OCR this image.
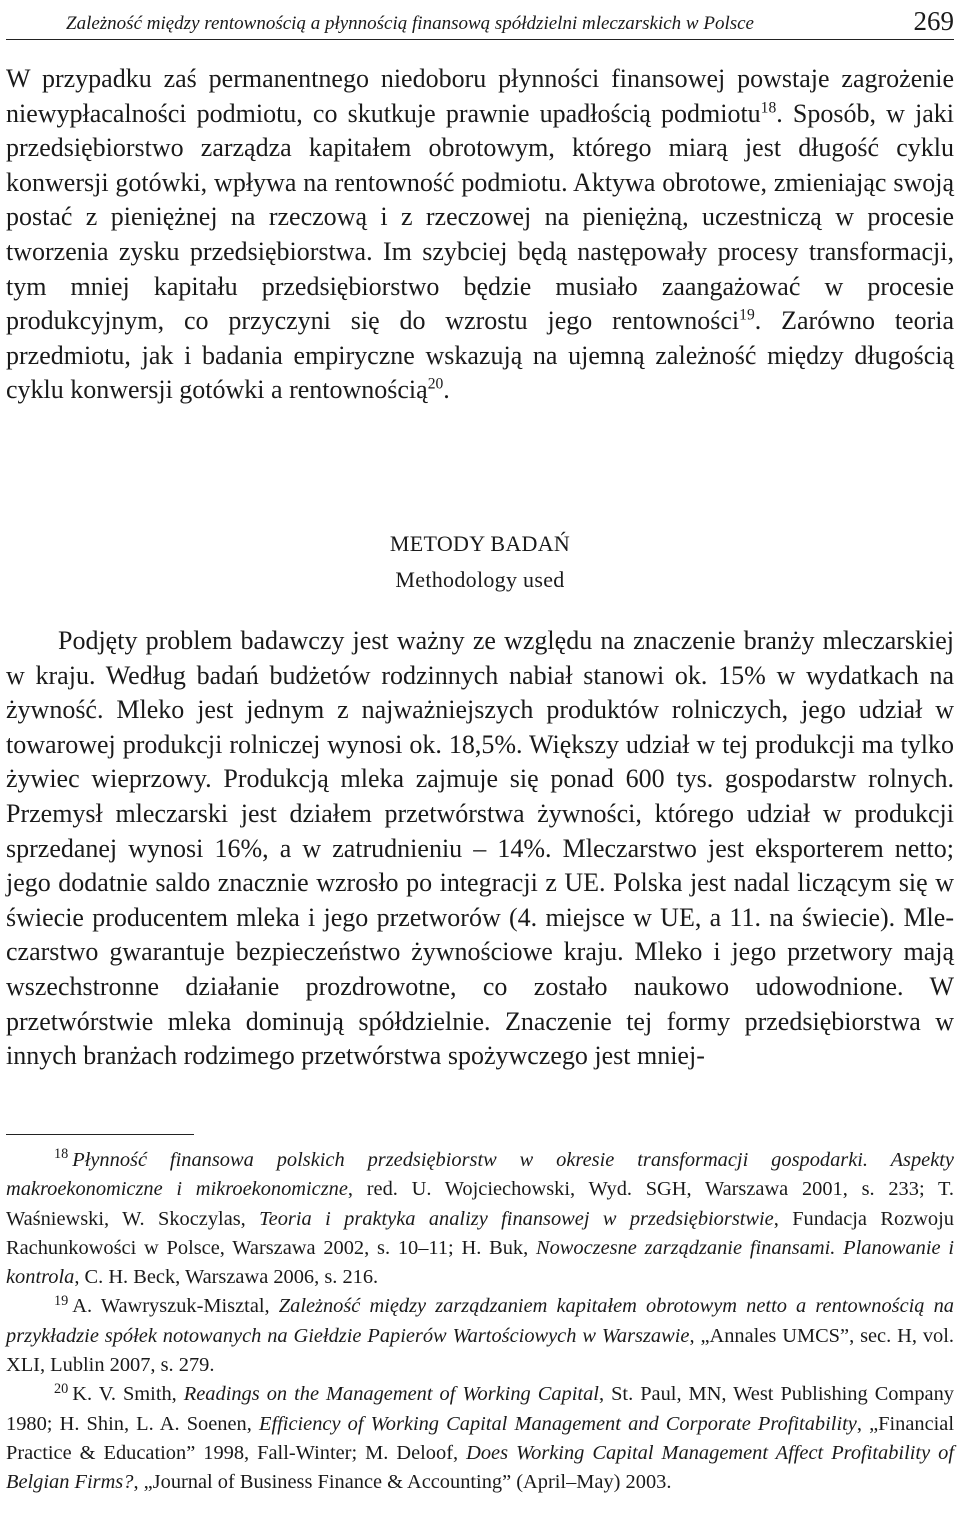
Zależność między rentownością a płynnością finansową spółdzielni mleczarskich w Polsce	269

W przypadku zaś permanentnego niedoboru płynności finansowej powstaje zagrożenie niewypłacalności podmiotu, co skutkuje prawnie upadłością podmiotu$^{18}$. Sposób, w jaki przedsiębiorstwo zarządza kapitałem obrotowym, którego miarą jest długość cyklu konwersji gotówki, wpływa na rentowność podmiotu. Aktywa obrotowe, zmieniając swoją postać z pieniężnej na rzeczową i z rzeczowej na pieniężną, uczestniczą w procesie tworzenia zysku przedsiębiorstwa. Im szybciej będą następowały procesy transformacji, tym mniej kapitału przedsiębiorstwo będzie musiało zaangażować w procesie produkcyjnym, co przyczyni się do wzrostu jego rentowności$^{19}$. Zarówno teoria przedmiotu, jak i badania empiryczne wskazują na ujemną zależność między długością cyklu konwersji gotówki a rentownością$^{20}$.

METODY BADAŃ
Methodology used

Podjęty problem badawczy jest ważny ze względu na znaczenie branży mleczarskiej w kraju. Według badań budżetów rodzinnych nabiał stanowi ok. 15% w wydatkach na żywność. Mleko jest jednym z najważniejszych produktów rolniczych, jego udział w towarowej produkcji rolniczej wynosi ok. 18,5%. Większy udział w tej produkcji ma tylko żywiec wieprzowy. Produkcją mleka zajmuje się ponad 600 tys. gospodarstw rolnych. Przemysł mleczarski jest działem przetwórstwa żywności, którego udział w produkcji sprzedanej wynosi 16%, a w zatrudnieniu – 14%. Mleczarstwo jest eksporterem netto; jego dodatnie saldo znacznie wzrosło po integracji z UE. Polska jest nadal liczącym się w świecie producentem mleka i jego przetworów (4. miejsce w UE, a 11. na świecie). Mleczarstwo gwarantuje bezpieczeństwo żywnościowe kraju. Mleko i jego przetwory mają wszechstronne działanie prozdrowotne, co zostało naukowo udowodnione. W przetwórstwie mleka dominują spółdzielnie. Znaczenie tej formy przedsiębiorstwa w innych branżach rodzimego przetwórstwa spożywczego jest mniej-

$^{18}$ Płynność finansowa polskich przedsiębiorstw w okresie transformacji gospodarki. Aspekty makroekonomiczne i mikroekonomiczne, red. U. Wojciechowski, Wyd. SGH, Warszawa 2001, s. 233; T. Waśniewski, W. Skoczylas, Teoria i praktyka analizy finansowej w przedsiębiorstwie, Fundacja Rozwoju Rachunkowości w Polsce, Warszawa 2002, s. 10–11; H. Buk, Nowoczesne zarządzanie finansami. Planowanie i kontrola, C. H. Beck, Warszawa 2006, s. 216.

$^{19}$ A. Wawryszuk-Misztal, Zależność między zarządzaniem kapitałem obrotowym netto a rentownością na przykładzie spółek notowanych na Giełdzie Papierów Wartościowych w Warszawie, „Annales UMCS”, sec. H, vol. XLI, Lublin 2007, s. 279.

$^{20}$ K. V. Smith, Readings on the Management of Working Capital, St. Paul, MN, West Publishing Company 1980; H. Shin, L. A. Soenen, Efficiency of Working Capital Management and Corporate Profitability, „Financial Practice & Education” 1998, Fall-Winter; M. Deloof, Does Working Capital Management Affect Profitability of Belgian Firms?, „Journal of Business Finance & Accounting” (April–May) 2003.
